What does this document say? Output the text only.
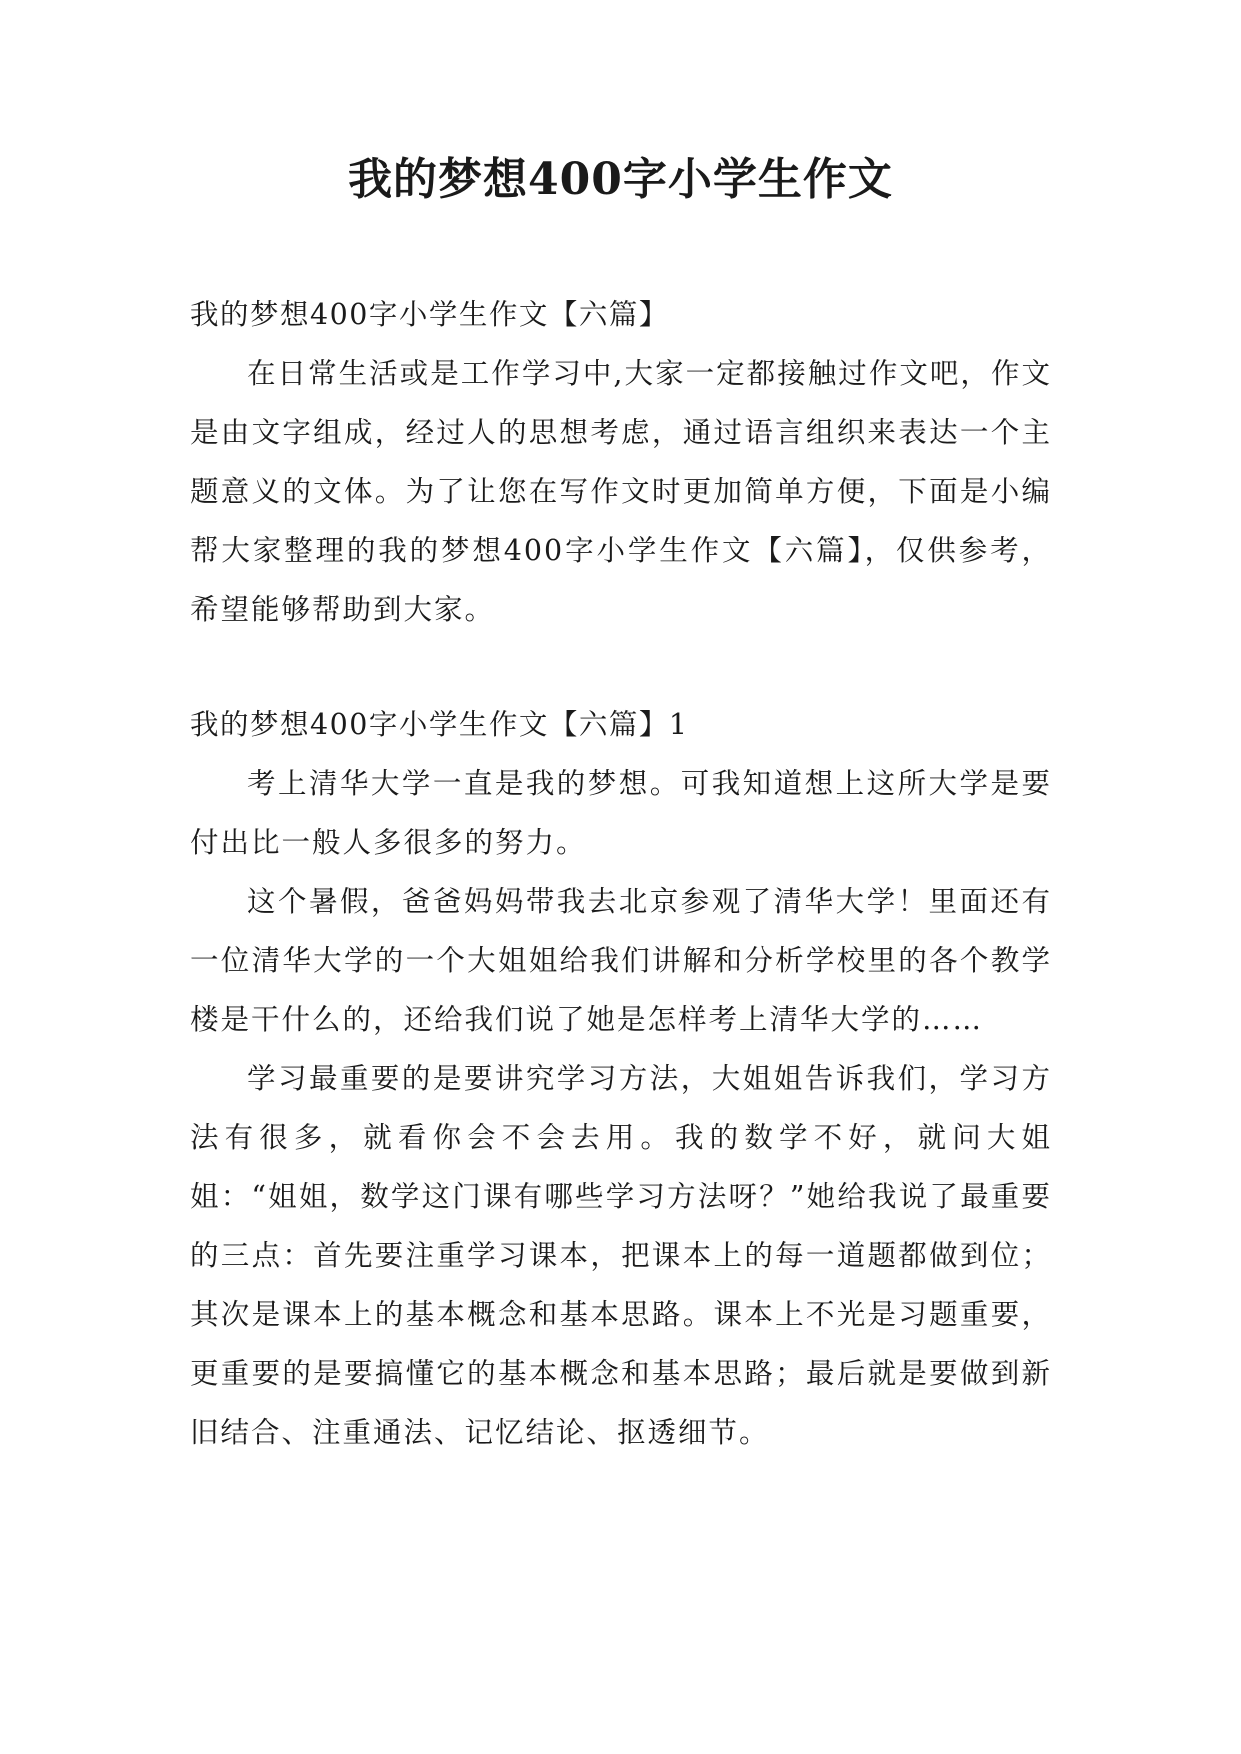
我的梦想400字小学生作文

我的梦想400字小学生作文【六篇】

在日常生活或是工作学习中,大家一定都接触过作文吧，作文是由文字组成，经过人的思想考虑，通过语言组织来表达一个主题意义的文体。为了让您在写作文时更加简单方便，下面是小编帮大家整理的我的梦想400字小学生作文【六篇】，仅供参考，希望能够帮助到大家。

我的梦想400字小学生作文【六篇】1

考上清华大学一直是我的梦想。可我知道想上这所大学是要付出比一般人多很多的努力。

这个暑假，爸爸妈妈带我去北京参观了清华大学！里面还有一位清华大学的一个大姐姐给我们讲解和分析学校里的各个教学楼是干什么的，还给我们说了她是怎样考上清华大学的……

学习最重要的是要讲究学习方法，大姐姐告诉我们，学习方法有很多，就看你会不会去用。我的数学不好，就问大姐姐：“姐姐，数学这门课有哪些学习方法呀？”她给我说了最重要的三点：首先要注重学习课本，把课本上的每一道题都做到位；其次是课本上的基本概念和基本思路。课本上不光是习题重要，更重要的是要搞懂它的基本概念和基本思路；最后就是要做到新旧结合、注重通法、记忆结论、抠透细节。
